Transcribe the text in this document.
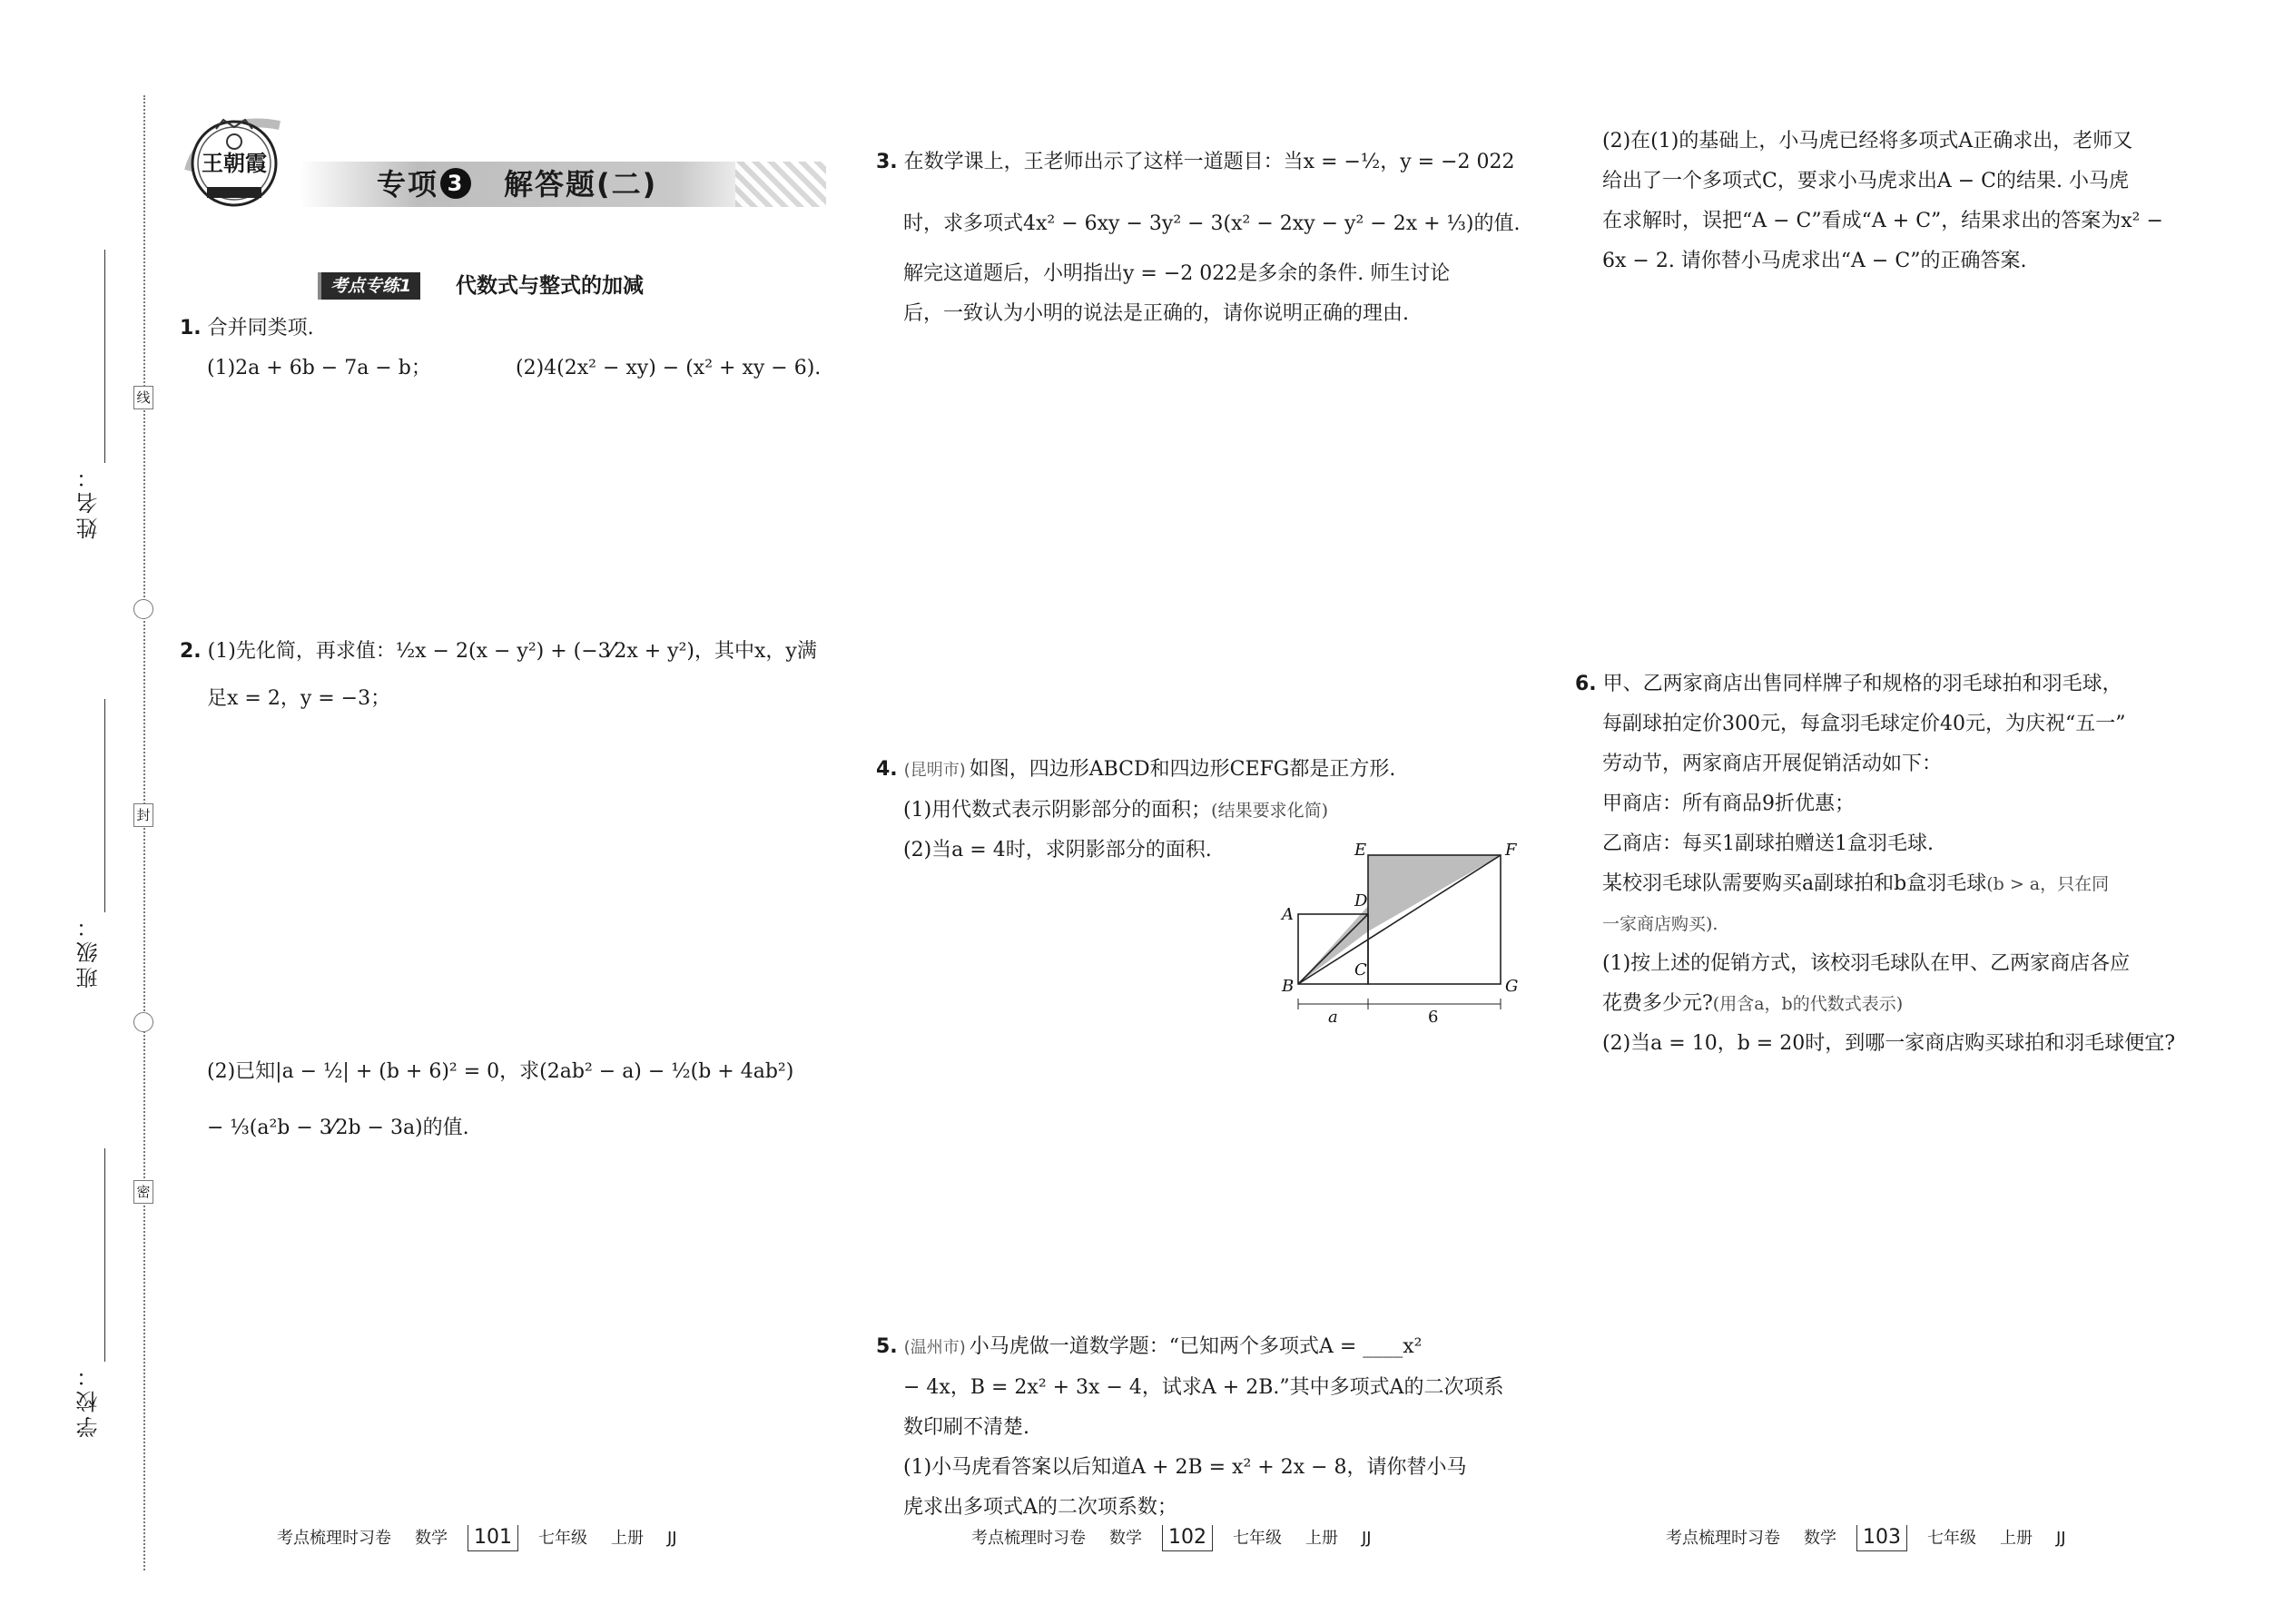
线
封
密
姓名：
班级：
学校：
王朝霞
专项 3 解答题(二)
考点专练1	代数式与整式的加减

1. 合并同类项.

(1)2a + 6b − 7a − b；	(2)4(2x² − xy) − (x² + xy − 6).

2. (1)先化简，再求值：½x − 2(x − y²) + (−3⁄2x + y²)，其中x，y满

足x = 2，y = −3；

(2)已知|a − ½| + (b + 6)² = 0，求(2ab² − a) − ½(b + 4ab²)

− ⅓(a²b − 3⁄2b − 3a)的值.

3. 在数学课上，王老师出示了这样一道题目：当x = −½，y = −2 022

时，求多项式4x² − 6xy − 3y² − 3(x² − 2xy − y² − 2x + ⅓)的值.

解完这道题后，小明指出y = −2 022是多余的条件. 师生讨论

后，一致认为小明的说法是正确的，请你说明正确的理由.

4. (昆明市) 如图，四边形ABCD和四边形CEFG都是正方形.

(1)用代数式表示阴影部分的面积；(结果要求化简)

(2)当a = 4时，求阴影部分的面积.

A
B
C
D
E	F
G
a	6

5. (温州市) 小马虎做一道数学题：“已知两个多项式A = ____x²

− 4x，B = 2x² + 3x − 4，试求A + 2B.”其中多项式A的二次项系

数印刷不清楚.

(1)小马虎看答案以后知道A + 2B = x² + 2x − 8，请你替小马

虎求出多项式A的二次项系数；

(2)在(1)的基础上，小马虎已经将多项式A正确求出，老师又

给出了一个多项式C，要求小马虎求出A − C的结果. 小马虎

在求解时，误把“A − C”看成“A + C”，结果求出的答案为x² −

6x − 2. 请你替小马虎求出“A − C”的正确答案.

6. 甲、乙两家商店出售同样牌子和规格的羽毛球拍和羽毛球，

每副球拍定价300元，每盒羽毛球定价40元，为庆祝“五一”

劳动节，两家商店开展促销活动如下：

甲商店：所有商品9折优惠；

乙商店：每买1副球拍赠送1盒羽毛球.

某校羽毛球队需要购买a副球拍和b盒羽毛球(b > a，只在同

一家商店购买).

(1)按上述的促销方式，该校羽毛球队在甲、乙两家商店各应

花费多少元?(用含a，b的代数式表示)

(2)当a = 10，b = 20时，到哪一家商店购买球拍和羽毛球便宜?

考点梳理时习卷 数学 101 七年级 上册 JJ	考点梳理时习卷 数学 102 七年级 上册 JJ	考点梳理时习卷 数学 103 七年级 上册 JJ
